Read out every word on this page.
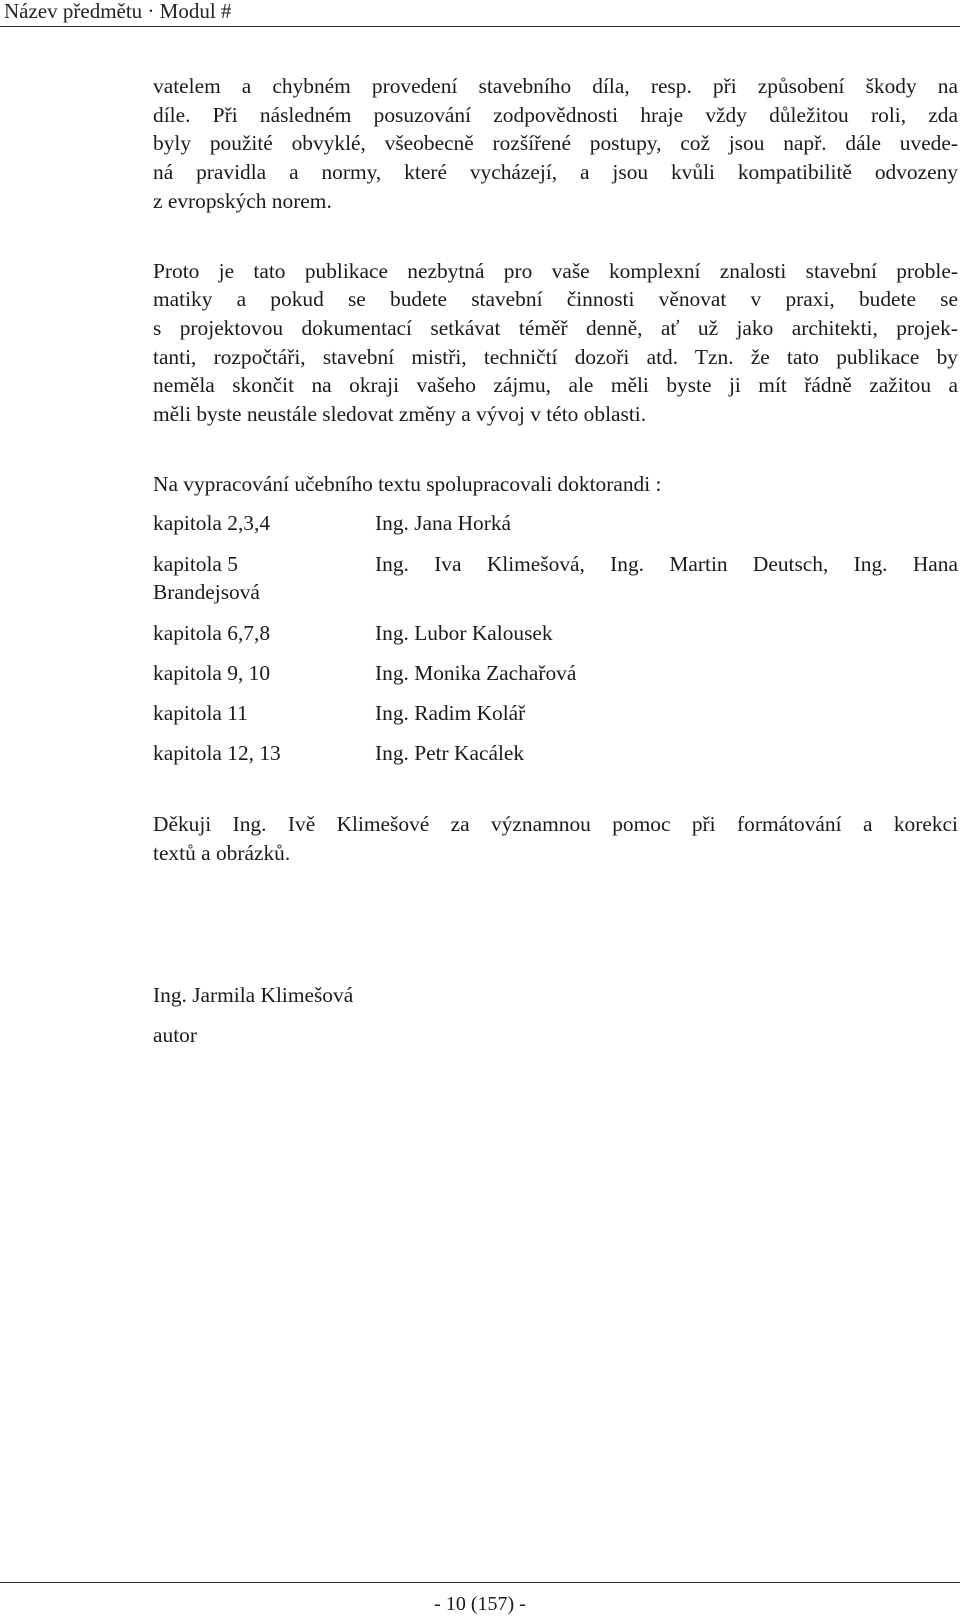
Název předmětu · Modul #
vatelem a chybném provedení stavebního díla, resp. při způsobení škody na
díle. Při následném posuzování zodpovědnosti hraje vždy důležitou roli, zda
byly použité obvyklé, všeobecně rozšířené postupy, což jsou např. dále uvede-
ná pravidla a normy, které vycházejí, a jsou kvůli kompatibilitě odvozeny
z evropských norem.
Proto je tato publikace nezbytná pro vaše komplexní znalosti stavební proble-
matiky a pokud se budete stavební činnosti věnovat v praxi, budete se
s projektovou dokumentací setkávat téměř denně, ať už jako architekti, projek-
tanti, rozpočtáři, stavební mistři, techničtí dozoři atd. Tzn. že tato publikace by
neměla skončit na okraji vašeho zájmu, ale měli byste ji mít řádně zažitou a
měli byste neustále sledovat změny a vývoj v této oblasti.
Na vypracování učebního textu spolupracovali doktorandi :
kapitola 2,3,4	Ing. Jana Horká
kapitola 5	Ing. Iva Klimešová, Ing. Martin Deutsch, Ing. Hana
Brandejsová
kapitola 6,7,8	Ing. Lubor Kalousek
kapitola 9, 10	Ing. Monika Zachařová
kapitola 11	Ing. Radim Kolář
kapitola 12, 13	Ing. Petr Kacálek
Děkuji Ing. Ivě Klimešové za významnou pomoc při formátování a korekci
textů a obrázků.
Ing. Jarmila Klimešová
autor
- 10 (157) -
